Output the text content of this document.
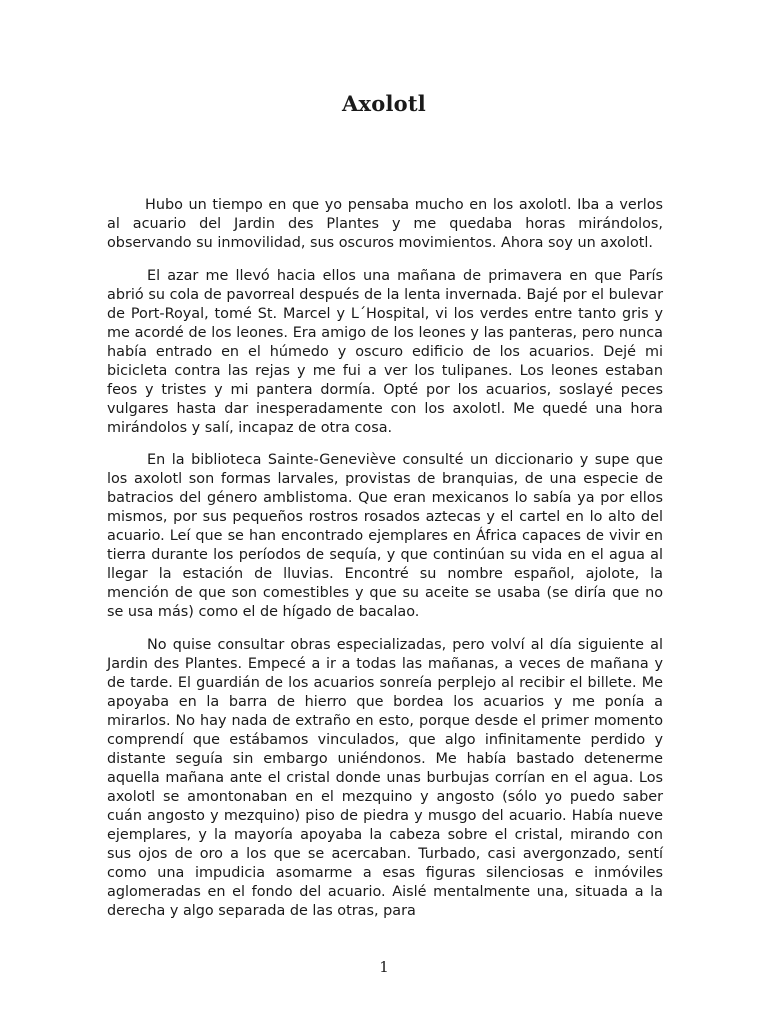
Axolotl

Hubo un tiempo en que yo pensaba mucho en los axolotl. Iba a verlos al acuario del Jardin des Plantes y me quedaba horas mirándolos, observando su inmovilidad, sus oscuros movimientos. Ahora soy un axolotl.

El azar me llevó hacia ellos una mañana de primavera en que París abrió su cola de pavorreal después de la lenta invernada. Bajé por el bulevar de Port-Royal, tomé St. Marcel y L´Hospital, vi los verdes entre tanto gris y me acordé de los leones. Era amigo de los leones y las panteras, pero nunca había entrado en el húmedo y oscuro edificio de los acuarios. Dejé mi bicicleta contra las rejas y me fui a ver los tulipanes. Los leones estaban feos y tristes y mi pantera dormía. Opté por los acuarios, soslayé peces vulgares hasta dar inesperadamente con los axolotl. Me quedé una hora mirándolos y salí, incapaz de otra cosa.

En la biblioteca Sainte-Geneviève consulté un diccionario y supe que los axolotl son formas larvales, provistas de branquias, de una especie de batracios del género amblistoma. Que eran mexicanos lo sabía ya por ellos mismos, por sus pequeños rostros rosados aztecas y el cartel en lo alto del acuario. Leí que se han encontrado ejemplares en África capaces de vivir en tierra durante los períodos de sequía, y que continúan su vida en el agua al llegar la estación de lluvias. Encontré su nombre español, ajolote, la mención de que son comestibles y que su aceite se usaba (se diría que no se usa más) como el de hígado de bacalao.

No quise consultar obras especializadas, pero volví al día siguiente al Jardin des Plantes. Empecé a ir a todas las mañanas, a veces de mañana y de tarde. El guardián de los acuarios sonreía perplejo al recibir el billete. Me apoyaba en la barra de hierro que bordea los acuarios y me ponía a mirarlos. No hay nada de extraño en esto, porque desde el primer momento comprendí que estábamos vinculados, que algo infinitamente perdido y distante seguía sin embargo uniéndonos. Me había bastado detenerme aquella mañana ante el cristal donde unas burbujas corrían en el agua. Los axolotl se amontonaban en el mezquino y angosto (sólo yo puedo saber cuán angosto y mezquino) piso de piedra y musgo del acuario. Había nueve ejemplares, y la mayoría apoyaba la cabeza sobre el cristal, mirando con sus ojos de oro a los que se acercaban. Turbado, casi avergonzado, sentí como una impudicia asomarme a esas figuras silenciosas e inmóviles aglomeradas en el fondo del acuario. Aislé mentalmente una, situada a la derecha y algo separada de las otras, para

1
